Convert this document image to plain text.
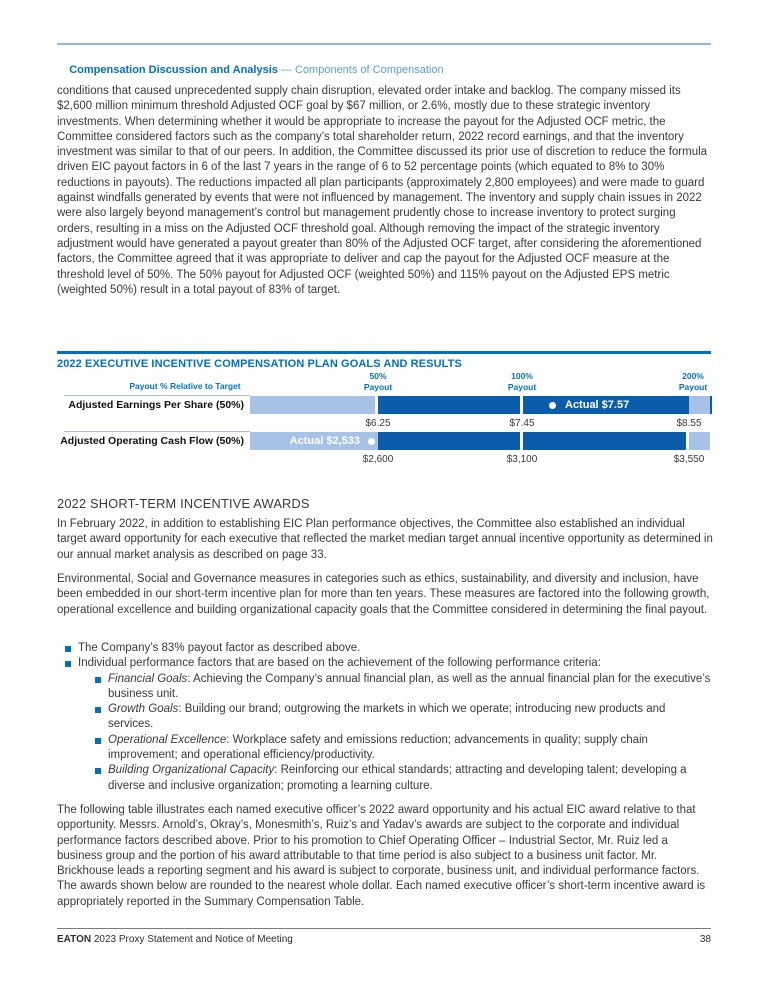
Compensation Discussion and Analysis — Components of Compensation

conditions that caused unprecedented supply chain disruption, elevated order intake and backlog. The company missed its $2,600 million minimum threshold Adjusted OCF goal by $67 million, or 2.6%, mostly due to these strategic inventory investments. When determining whether it would be appropriate to increase the payout for the Adjusted OCF metric, the Committee considered factors such as the company’s total shareholder return, 2022 record earnings, and that the inventory investment was similar to that of our peers. In addition, the Committee discussed its prior use of discretion to reduce the formula driven EIC payout factors in 6 of the last 7 years in the range of 6 to 52 percentage points (which equated to 8% to 30% reductions in payouts). The reductions impacted all plan participants (approximately 2,800 employees) and were made to guard against windfalls generated by events that were not influenced by management. The inventory and supply chain issues in 2022 were also largely beyond management’s control but management prudently chose to increase inventory to protect surging orders, resulting in a miss on the Adjusted OCF threshold goal. Although removing the impact of the strategic inventory adjustment would have generated a payout greater than 80% of the Adjusted OCF target, after considering the aforementioned factors, the Committee agreed that it was appropriate to deliver and cap the payout for the Adjusted OCF measure at the threshold level of 50%. The 50% payout for Adjusted OCF (weighted 50%) and 115% payout on the Adjusted EPS metric (weighted 50%) result in a total payout of 83% of target.
2022 EXECUTIVE INCENTIVE COMPENSATION PLAN GOALS AND RESULTS
Payout % Relative to Target
50%
Payout
100%
Payout
200%
Payout
Adjusted Earnings Per Share (50%)	Actual $7.57
$6.25	$7.45	$8.55
Adjusted Operating Cash Flow (50%)	Actual $2,533
$2,600	$3,100	$3,550
2022 SHORT-TERM INCENTIVE AWARDS
In February 2022, in addition to establishing EIC Plan performance objectives, the Committee also established an individual target award opportunity for each executive that reflected the market median target annual incentive opportunity as determined in our annual market analysis as described on page 33.
Environmental, Social and Governance measures in categories such as ethics, sustainability, and diversity and inclusion, have been embedded in our short-term incentive plan for more than ten years. These measures are factored into the following growth, operational excellence and building organizational capacity goals that the Committee considered in determining the final payout.
The Company’s 83% payout factor as described above.
Individual performance factors that are based on the achievement of the following performance criteria:
Financial Goals: Achieving the Company’s annual financial plan, as well as the annual financial plan for the executive’s business unit.
Growth Goals: Building our brand; outgrowing the markets in which we operate; introducing new products and services.
Operational Excellence: Workplace safety and emissions reduction; advancements in quality; supply chain improvement; and operational efficiency/productivity.
Building Organizational Capacity: Reinforcing our ethical standards; attracting and developing talent; developing a diverse and inclusive organization; promoting a learning culture.
The following table illustrates each named executive officer’s 2022 award opportunity and his actual EIC award relative to that opportunity. Messrs. Arnold’s, Okray’s, Monesmith’s, Ruiz’s and Yadav’s awards are subject to the corporate and individual performance factors described above. Prior to his promotion to Chief Operating Officer – Industrial Sector, Mr. Ruiz led a business group and the portion of his award attributable to that time period is also subject to a business unit factor. Mr. Brickhouse leads a reporting segment and his award is subject to corporate, business unit, and individual performance factors. The awards shown below are rounded to the nearest whole dollar. Each named executive officer’s short-term incentive award is appropriately reported in the Summary Compensation Table.
EATON 2023 Proxy Statement and Notice of Meeting	38
